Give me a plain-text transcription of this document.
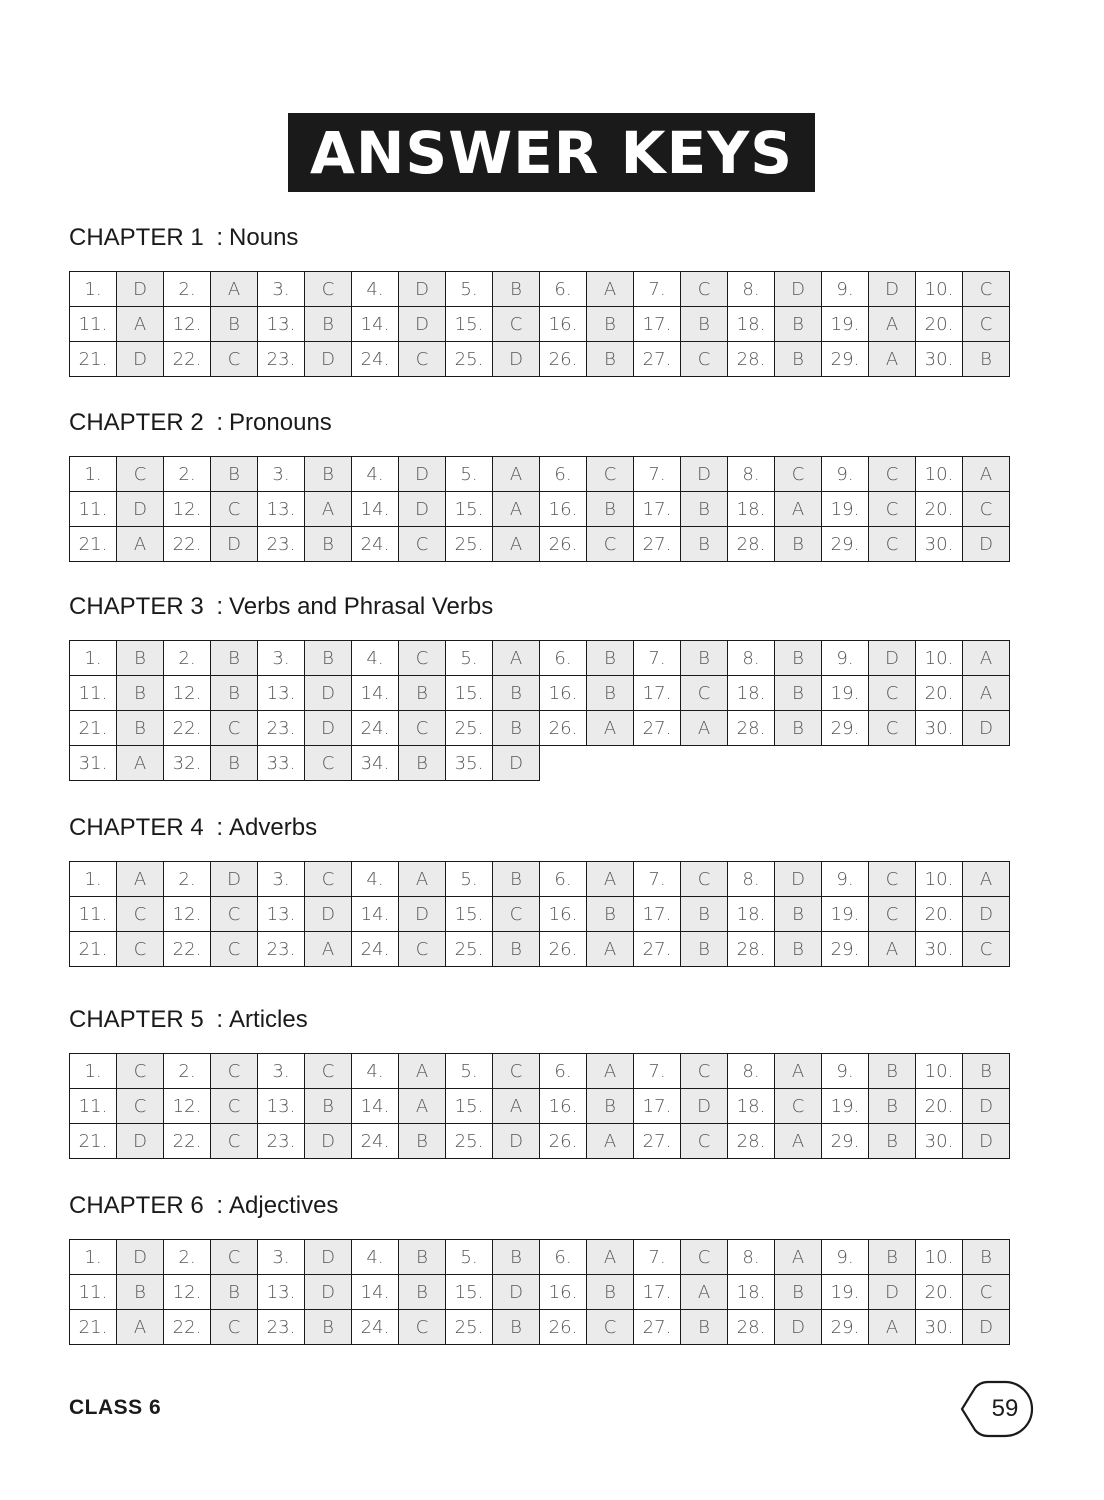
ANSWER KEYS
CHAPTER 1 : Nouns
1.	D	2.	A	3.	C	4.	D	5.	B	6.	A	7.	C	8.	D	9.	D	10.	C
11.	A	12.	B	13.	B	14.	D	15.	C	16.	B	17.	B	18.	B	19.	A	20.	C
21.	D	22.	C	23.	D	24.	C	25.	D	26.	B	27.	C	28.	B	29.	A	30.	B
CHAPTER 2 : Pronouns
1.	C	2.	B	3.	B	4.	D	5.	A	6.	C	7.	D	8.	C	9.	C	10.	A
11.	D	12.	C	13.	A	14.	D	15.	A	16.	B	17.	B	18.	A	19.	C	20.	C
21.	A	22.	D	23.	B	24.	C	25.	A	26.	C	27.	B	28.	B	29.	C	30.	D
CHAPTER 3 : Verbs and Phrasal Verbs
1.	B	2.	B	3.	B	4.	C	5.	A	6.	B	7.	B	8.	B	9.	D	10.	A
11.	B	12.	B	13.	D	14.	B	15.	B	16.	B	17.	C	18.	B	19.	C	20.	A
21.	B	22.	C	23.	D	24.	C	25.	B	26.	A	27.	A	28.	B	29.	C	30.	D
31.	A	32.	B	33.	C	34.	B	35.	D										
CHAPTER 4 : Adverbs
1.	A	2.	D	3.	C	4.	A	5.	B	6.	A	7.	C	8.	D	9.	C	10.	A
11.	C	12.	C	13.	D	14.	D	15.	C	16.	B	17.	B	18.	B	19.	C	20.	D
21.	C	22.	C	23.	A	24.	C	25.	B	26.	A	27.	B	28.	B	29.	A	30.	C
CHAPTER 5 : Articles
1.	C	2.	C	3.	C	4.	A	5.	C	6.	A	7.	C	8.	A	9.	B	10.	B
11.	C	12.	C	13.	B	14.	A	15.	A	16.	B	17.	D	18.	C	19.	B	20.	D
21.	D	22.	C	23.	D	24.	B	25.	D	26.	A	27.	C	28.	A	29.	B	30.	D
CHAPTER 6 : Adjectives
1.	D	2.	C	3.	D	4.	B	5.	B	6.	A	7.	C	8.	A	9.	B	10.	B
11.	B	12.	B	13.	D	14.	B	15.	D	16.	B	17.	A	18.	B	19.	D	20.	C
21.	A	22.	C	23.	B	24.	C	25.	B	26.	C	27.	B	28.	D	29.	A	30.	D
CLASS 6	59
